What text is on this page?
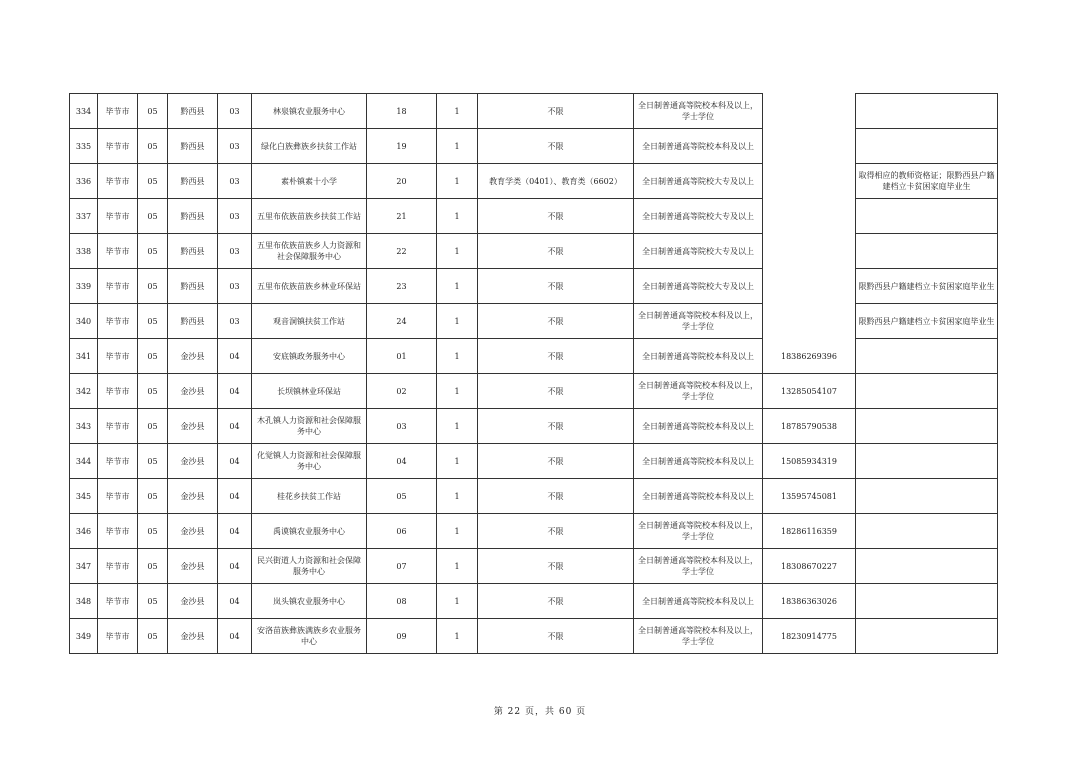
334	毕节市	05	黔西县	03	林泉镇农业服务中心	18	1	不限	全日制普通高等院校本科及以上，学士学位		
335	毕节市	05	黔西县	03	绿化白族彝族乡扶贫工作站	19	1	不限	全日制普通高等院校本科及以上		
336	毕节市	05	黔西县	03	素朴镇素十小学	20	1	教育学类（0401）、教育类（6602）	全日制普通高等院校大专及以上		取得相应的教师资格证；限黔西县户籍建档立卡贫困家庭毕业生
337	毕节市	05	黔西县	03	五里布依族苗族乡扶贫工作站	21	1	不限	全日制普通高等院校大专及以上		
338	毕节市	05	黔西县	03	五里布依族苗族乡人力资源和社会保障服务中心	22	1	不限	全日制普通高等院校大专及以上		
339	毕节市	05	黔西县	03	五里布依族苗族乡林业环保站	23	1	不限	全日制普通高等院校大专及以上		限黔西县户籍建档立卡贫困家庭毕业生
340	毕节市	05	黔西县	03	观音洞镇扶贫工作站	24	1	不限	全日制普通高等院校本科及以上，学士学位		限黔西县户籍建档立卡贫困家庭毕业生
341	毕节市	05	金沙县	04	安底镇政务服务中心	01	1	不限	全日制普通高等院校本科及以上	18386269396	
342	毕节市	05	金沙县	04	长坝镇林业环保站	02	1	不限	全日制普通高等院校本科及以上，学士学位	13285054107	
343	毕节市	05	金沙县	04	木孔镇人力资源和社会保障服务中心	03	1	不限	全日制普通高等院校本科及以上	18785790538	
344	毕节市	05	金沙县	04	化觉镇人力资源和社会保障服务中心	04	1	不限	全日制普通高等院校本科及以上	15085934319	
345	毕节市	05	金沙县	04	桂花乡扶贫工作站	05	1	不限	全日制普通高等院校本科及以上	13595745081	
346	毕节市	05	金沙县	04	禹谟镇农业服务中心	06	1	不限	全日制普通高等院校本科及以上，学士学位	18286116359	
347	毕节市	05	金沙县	04	民兴街道人力资源和社会保障服务中心	07	1	不限	全日制普通高等院校本科及以上，学士学位	18308670227	
348	毕节市	05	金沙县	04	岚头镇农业服务中心	08	1	不限	全日制普通高等院校本科及以上	18386363026	
349	毕节市	05	金沙县	04	安洛苗族彝族满族乡农业服务中心	09	1	不限	全日制普通高等院校本科及以上，学士学位	18230914775	
第 22 页，共 60 页
